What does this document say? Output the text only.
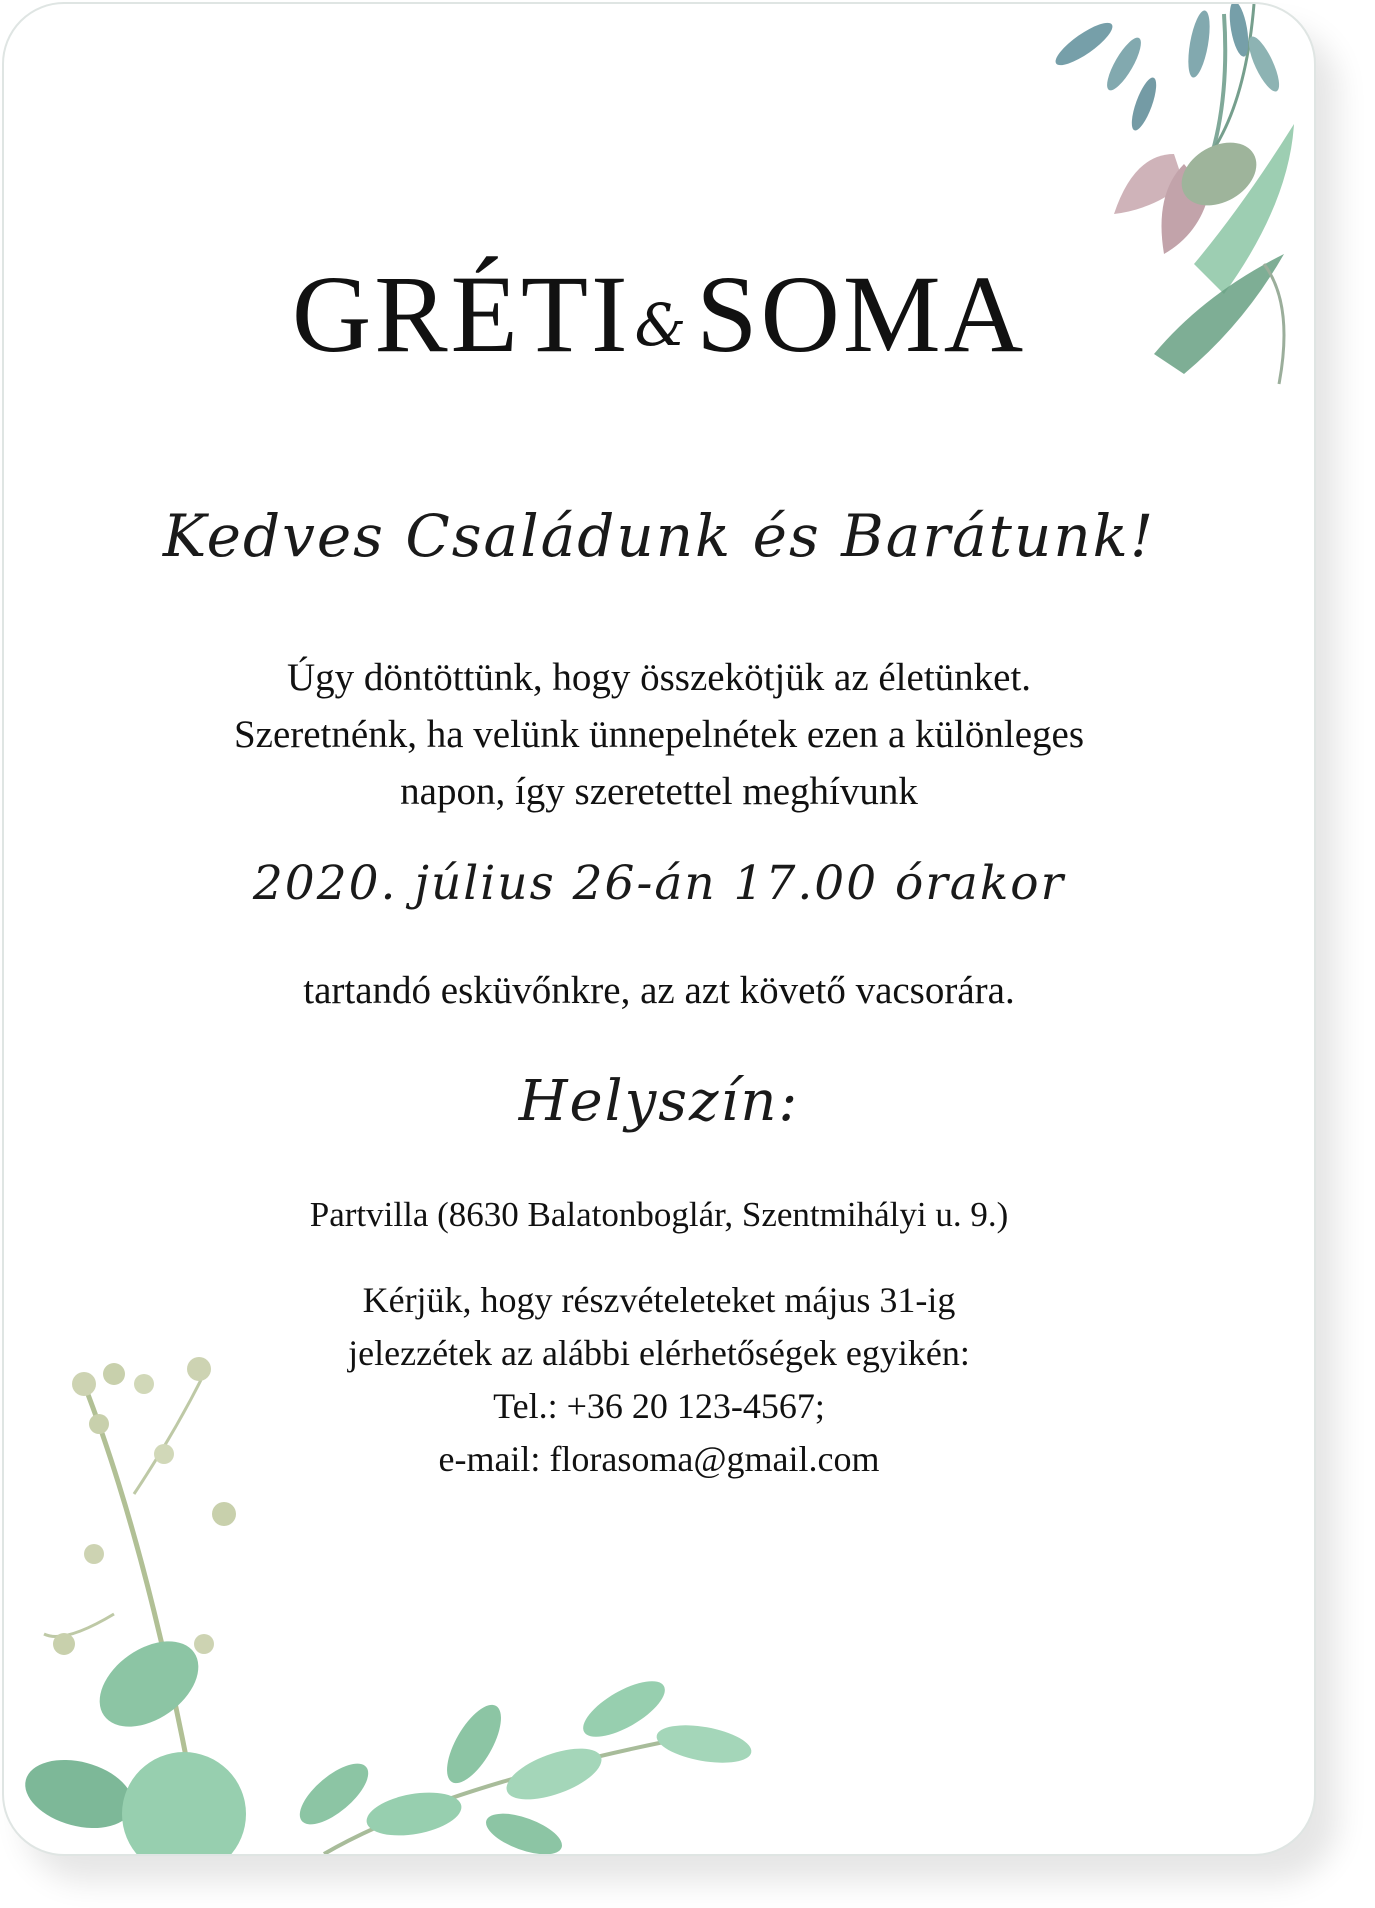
GRÉTI&SOMA
Kedves Családunk és Barátunk!
Úgy döntöttünk, hogy összekötjük az életünket.
Szeretnénk, ha velünk ünnepelnétek ezen a különleges
napon, így szeretettel meghívunk
2020. július 26-án 17.00 órakor
tartandó esküvőnkre, az azt követő vacsorára.
Helyszín:
Partvilla (8630 Balatonboglár, Szentmihályi u. 9.)
Kérjük, hogy részvételeteket május 31-ig
jelezzétek az alábbi elérhetőségek egyikén:
Tel.: +36 20 123-4567;
e-mail: florasoma@gmail.com
